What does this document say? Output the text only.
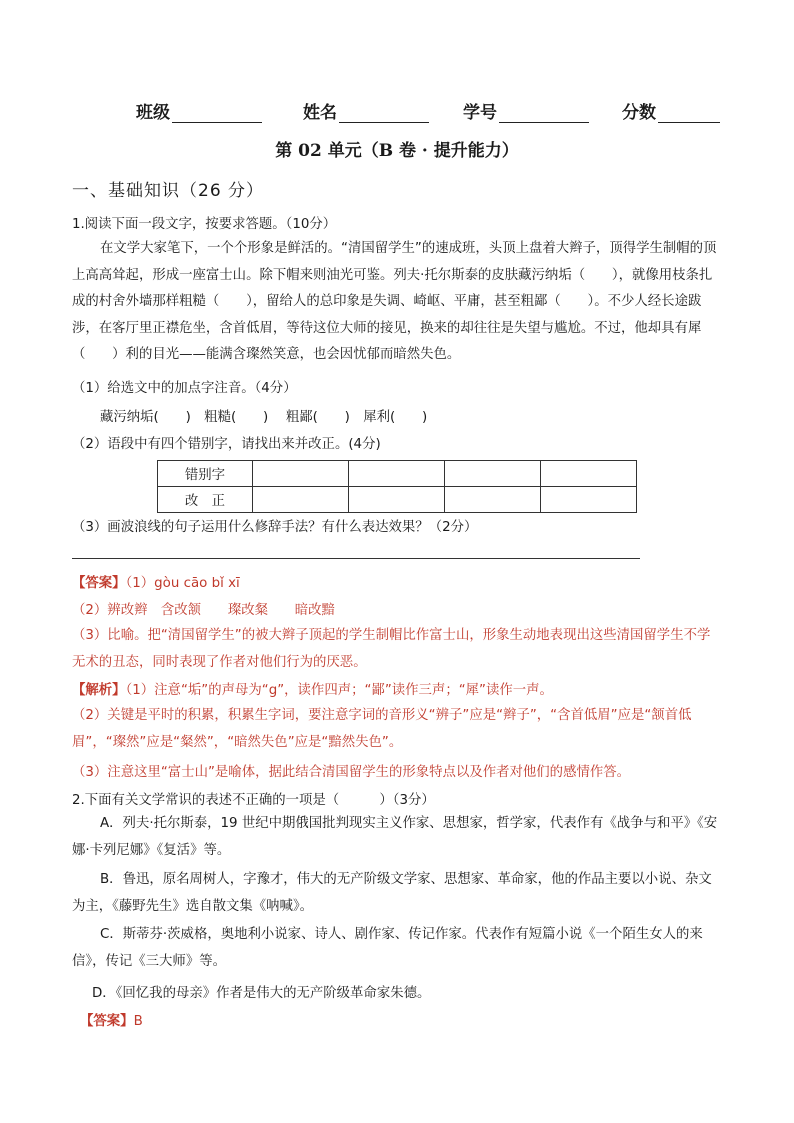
班级	姓名	学号	分数
第 02 单元（B 卷 · 提升能力）
一、基础知识（26 分）
1.阅读下面一段文字，按要求答题。（10分）
在文学大家笔下，一个个形象是鲜活的。“清国留学生”的速成班，头顶上盘着大辫子，顶得学生制帽的顶上高高耸起，形成一座富士山。除下帽来则油光可鉴。列夫·托尔斯泰的皮肤藏污纳垢（　　），就像用枝条扎成的村舍外墙那样粗糙（　　），留给人的总印象是失调、崎岖、平庸，甚至粗鄙（　　）。不少人经长途跋涉，在客厅里正襟危坐，含首低眉，等待这位大师的接见，换来的却往往是失望与尴尬。不过，他却具有犀（　　）利的目光——能满含璨然笑意，也会因忧郁而暗然失色。
（1）给选文中的加点字注音。（4分）
藏污纳垢(　　)　粗糙(　　)　 粗鄙(　　)　犀利(　　)
（2）语段中有四个错别字，请找出来并改正。(4分)
错别字				
改　正				
（3）画波浪线的句子运用什么修辞手法？有什么表达效果？（2分）
【答案】（1）gòu cāo bǐ xī
（2）辨改辫　含改颔　　璨改粲　　暗改黯
（3）比喻。把“清国留学生”的被大辫子顶起的学生制帽比作富士山，形象生动地表现出这些清国留学生不学无术的丑态，同时表现了作者对他们行为的厌恶。
【解析】（1）注意“垢”的声母为“g”，读作四声；“鄙”读作三声；“犀”读作一声。
（2）关键是平时的积累，积累生字词，要注意字词的音形义“辨子”应是“辫子”，“含首低眉”应是“颔首低眉”，“璨然”应是“粲然”，“暗然失色”应是“黯然失色”。
（3）注意这里“富士山”是喻体，据此结合清国留学生的形象特点以及作者对他们的感情作答。
2.下面有关文学常识的表述不正确的一项是（　　　）（3分）
A．列夫·托尔斯泰，19 世纪中期俄国批判现实主义作家、思想家，哲学家，代表作有《战争与和平》《安娜·卡列尼娜》《复活》等。
B．鲁迅，原名周树人，字豫才，伟大的无产阶级文学家、思想家、革命家，他的作品主要以小说、杂文为主，《藤野先生》选自散文集《呐喊》。
C．斯蒂芬·茨威格，奥地利小说家、诗人、剧作家、传记作家。代表作有短篇小说《一个陌生女人的来信》，传记《三大师》等。
D．《回忆我的母亲》作者是伟大的无产阶级革命家朱德。
【答案】B
